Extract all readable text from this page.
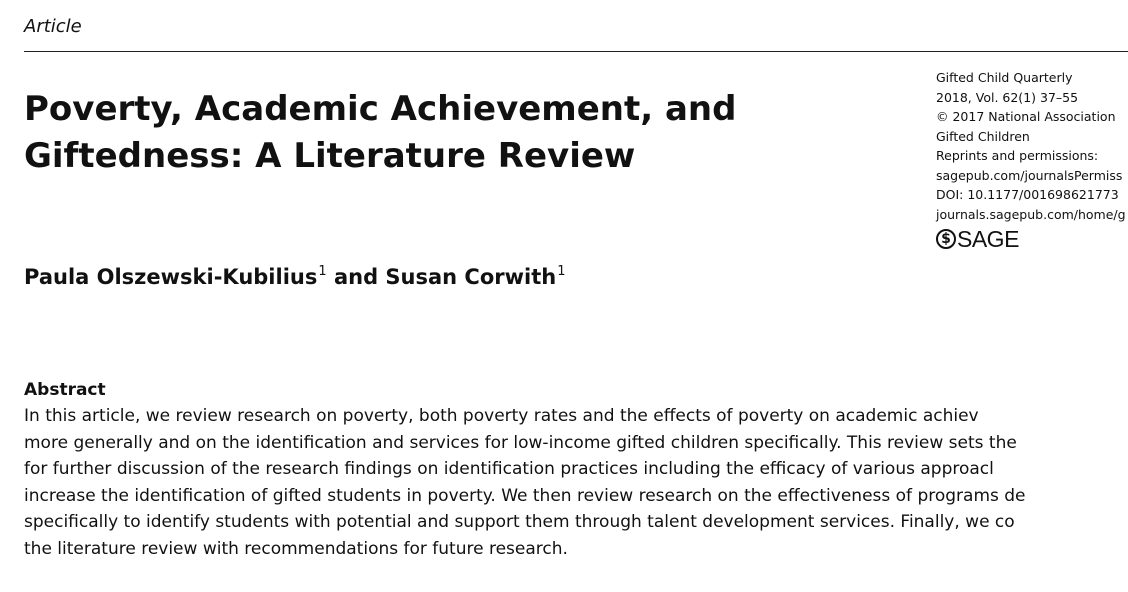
Article
Poverty, Academic Achievement, and
Giftedness: A Literature Review
Gifted Child Quarterly
2018, Vol. 62(1) 37–55
© 2017 National Association
Gifted Children
Reprints and permissions:
sagepub.com/journalsPermiss
DOI: 10.1177/001698621773
journals.sagepub.com/home/g
$ SAGE
Paula Olszewski-Kubilius$^1$ and Susan Corwith$^1$
Abstract
In this article, we review research on poverty, both poverty rates and the effects of poverty on academic achiev
more generally and on the identification and services for low-income gifted children specifically. This review sets the
for further discussion of the research findings on identification practices including the efficacy of various approacl
increase the identification of gifted students in poverty. We then review research on the effectiveness of programs de
specifically to identify students with potential and support them through talent development services. Finally, we co
the literature review with recommendations for future research.
